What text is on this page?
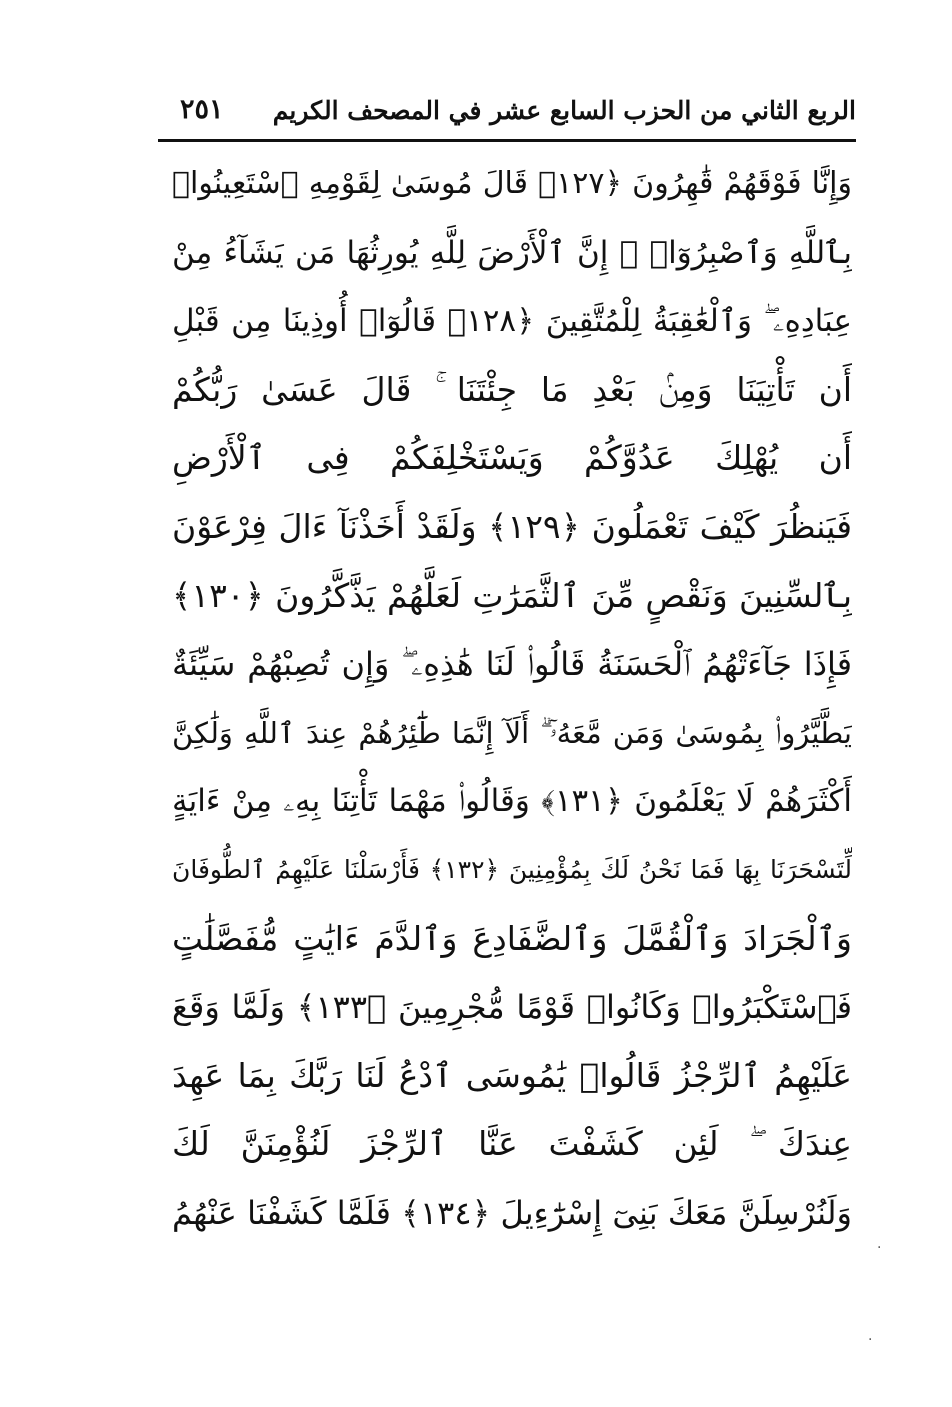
الربع الثاني من الحزب السابع عشر في المصحف الكريم
٢٥١
وَإِنَّا فَوْقَهُمْ قَٰهِرُونَ ﴿١٢٧﴾ قَالَ مُوسَىٰ لِقَوْمِهِ ٱسْتَعِينُوا۟
بِٱللَّهِ وَٱصْبِرُوٓا۟ ۖ إِنَّ ٱلْأَرْضَ لِلَّهِ يُورِثُهَا مَن يَشَآءُ مِنْ
عِبَادِهِۦ ۖ وَٱلْعَٰقِبَةُ لِلْمُتَّقِينَ ﴿١٢٨﴾ قَالُوٓا۟ أُوذِينَا مِن قَبْلِ
أَن تَأْتِيَنَا وَمِنۢ بَعْدِ مَا جِئْتَنَا ۚ قَالَ عَسَىٰ رَبُّكُمْ
أَن يُهْلِكَ عَدُوَّكُمْ وَيَسْتَخْلِفَكُمْ فِى ٱلْأَرْضِ
فَيَنظُرَ كَيْفَ تَعْمَلُونَ ﴿١٢٩﴾ وَلَقَدْ أَخَذْنَآ ءَالَ فِرْعَوْنَ
بِٱلسِّنِينَ وَنَقْصٍ مِّنَ ٱلثَّمَرَٰتِ لَعَلَّهُمْ يَذَّكَّرُونَ ﴿١٣٠﴾
فَإِذَا جَآءَتْهُمُ ٱلْحَسَنَةُ قَالُوا۟ لَنَا هَٰذِهِۦ ۖ وَإِن تُصِبْهُمْ سَيِّئَةٌ
يَطَّيَّرُوا۟ بِمُوسَىٰ وَمَن مَّعَهُۥٓ ۗ أَلَآ إِنَّمَا طَٰٓئِرُهُمْ عِندَ ٱللَّهِ وَلَٰكِنَّ
أَكْثَرَهُمْ لَا يَعْلَمُونَ ﴿١٣١﴾ وَقَالُوا۟ مَهْمَا تَأْتِنَا بِهِۦ مِنْ ءَايَةٍ
لِّتَسْحَرَنَا بِهَا فَمَا نَحْنُ لَكَ بِمُؤْمِنِينَ ﴿١٣٢﴾ فَأَرْسَلْنَا عَلَيْهِمُ ٱلطُّوفَانَ
وَٱلْجَرَادَ وَٱلْقُمَّلَ وَٱلضَّفَادِعَ وَٱلدَّمَ ءَايَٰتٍ مُّفَصَّلَٰتٍ
فَٱسْتَكْبَرُوا۟ وَكَانُوا۟ قَوْمًا مُّجْرِمِينَ ﴿١٣٣﴾ وَلَمَّا وَقَعَ
عَلَيْهِمُ ٱلرِّجْزُ قَالُوا۟ يَٰمُوسَى ٱدْعُ لَنَا رَبَّكَ بِمَا عَهِدَ
عِندَكَ ۖ لَئِن كَشَفْتَ عَنَّا ٱلرِّجْزَ لَنُؤْمِنَنَّ لَكَ
وَلَنُرْسِلَنَّ مَعَكَ بَنِىٓ إِسْرَٰٓءِيلَ ﴿١٣٤﴾ فَلَمَّا كَشَفْنَا عَنْهُمُ
·
·
